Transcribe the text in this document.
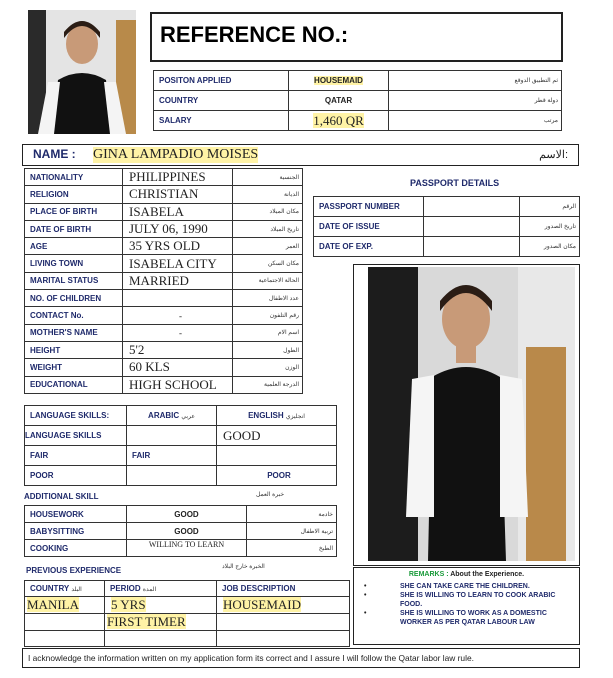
REFERENCE NO.:
POSITON APPLIED	HOUSEMAID	ثم التطبيق الدوقع
COUNTRY	QATAR	دولة قطر
SALARY	1,460 QR	مرتب
NAME : GINA LAMPADIO MOISES	الاسم:
NATIONALITY	PHILIPPINES	الجنسية
RELIGION	CHRISTIAN	الديانة
PLACE OF BIRTH	ISABELA	مكان الميلاد
DATE OF BIRTH	JULY 06, 1990	تاريخ الميلاد
AGE	35 YRS OLD	العمر
LIVING TOWN	ISABELA CITY	مكان السكن
MARITAL STATUS	MARRIED	الحالة الاجتماعية
NO. OF CHILDREN		عدد الاطفال
CONTACT No.	-	رقم التلفون
MOTHER'S NAME	-	اسم الام
HEIGHT	5'2	الطول
WEIGHT	60 KLS	الوزن
EDUCATIONAL	HIGH SCHOOL	الدرجة العلمية
PASSPORT DETAILS
PASSPORT NUMBER		الرقم
DATE OF ISSUE		تاريخ الصدور
DATE OF EXP.		مكان الصدور
LANGUAGE SKILLS:	ARABIC عربي	ENGLISH انجليزي
LANGUAGE SKILLS		GOOD
FAIR	FAIR	
POOR		POOR
ADDITIONAL SKILL	خبرة العمل
HOUSEWORK	GOOD	خادمة
BABYSITTING	GOOD	تربية الاطفال
COOKING	WILLING TO LEARN	الطبخ
PREVIOUS EXPERIENCE	الخبرة خارج البلاد
COUNTRY البلد	PERIOD المدة	JOB DESCRIPTION
MANILA	5 YRS	HOUSEMAID
	FIRST TIMER	

REMARKS : About the Experience.
•	SHE CAN TAKE CARE THE CHILDREN.
•	SHE IS WILLING TO LEARN TO COOK ARABIC FOOD.
•	SHE IS WILLING TO WORK AS A DOMESTIC WORKER AS PER QATAR LABOUR LAW
I acknowledge the information written on my application form its correct and I assure I will follow the Qatar labor law rule.
